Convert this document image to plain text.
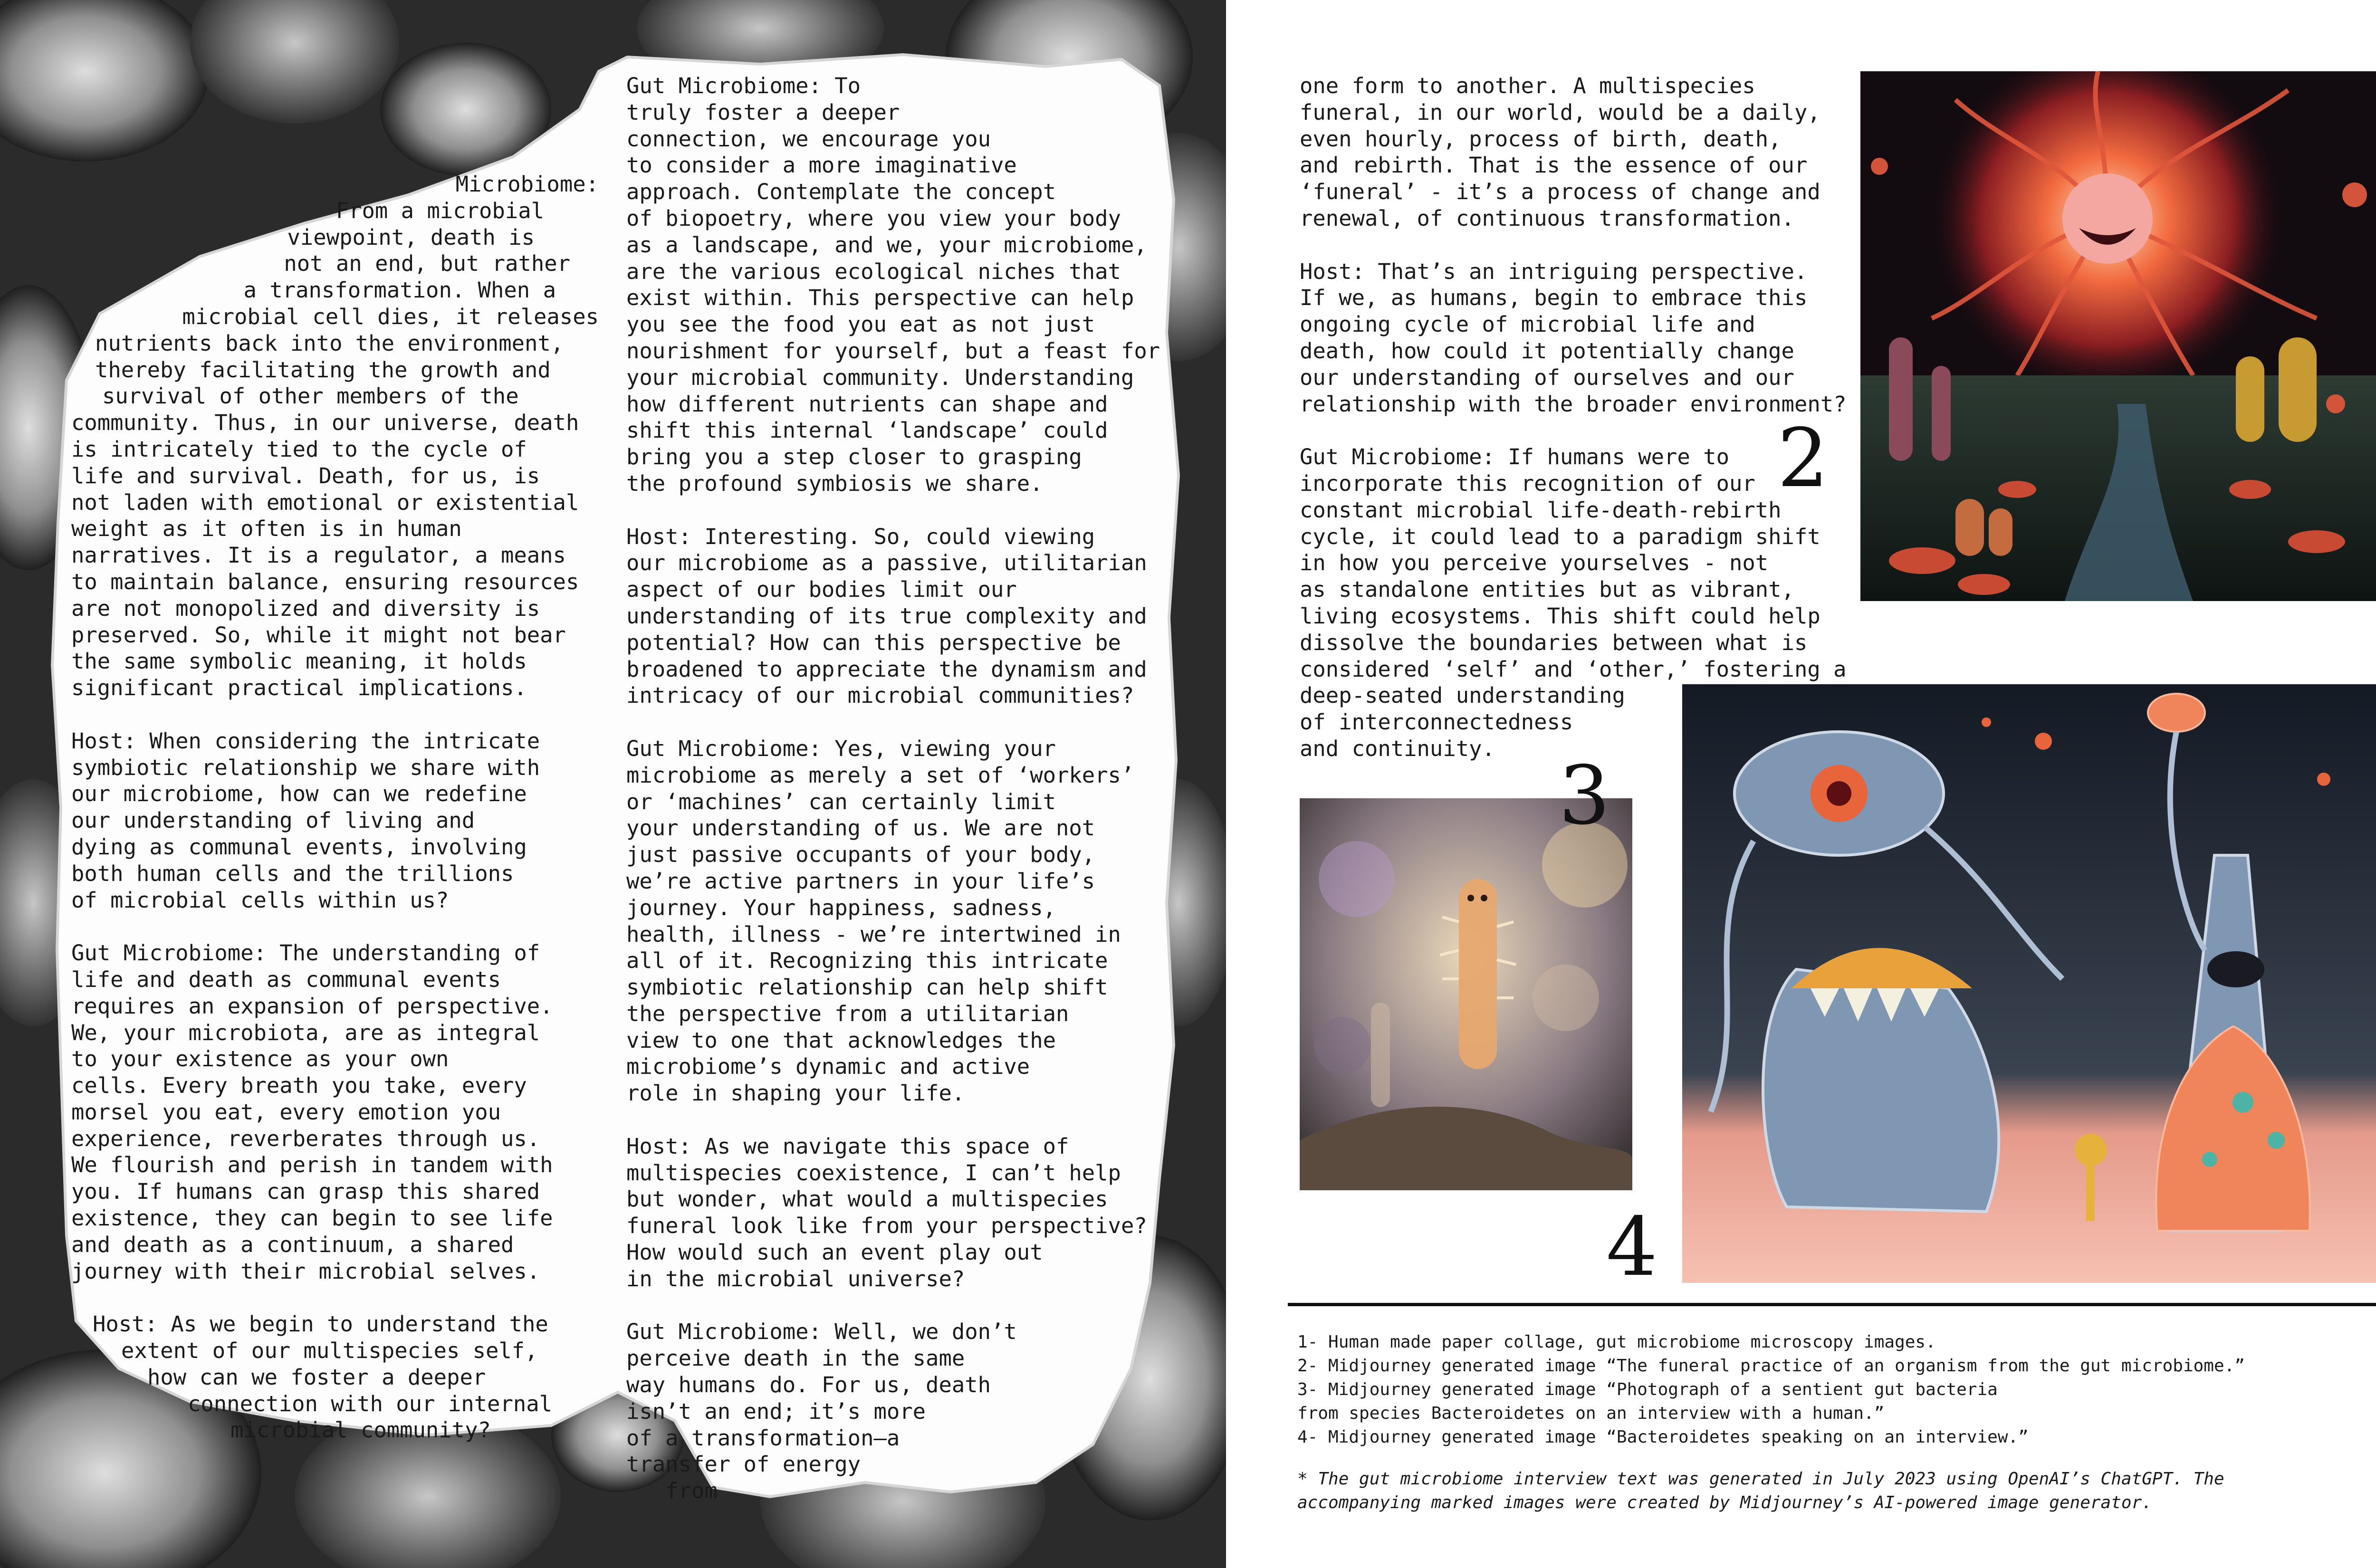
Microbiome:
From a microbial
viewpoint, death is
not an end, but rather
a transformation. When a
microbial cell dies, it releases
nutrients back into the environment,
thereby facilitating the growth and
survival of other members of the
community. Thus, in our universe, death
is intricately tied to the cycle of
life and survival. Death, for us, is
not laden with emotional or existential
weight as it often is in human
narratives. It is a regulator, a means
to maintain balance, ensuring resources
are not monopolized and diversity is
preserved. So, while it might not bear
the same symbolic meaning, it holds
significant practical implications.
Host: When considering the intricate
symbiotic relationship we share with
our microbiome, how can we redefine
our understanding of living and
dying as communal events, involving
both human cells and the trillions
of microbial cells within us?
Gut Microbiome: The understanding of
life and death as communal events
requires an expansion of perspective.
We, your microbiota, are as integral
to your existence as your own
cells. Every breath you take, every
morsel you eat, every emotion you
experience, reverberates through us.
We flourish and perish in tandem with
you. If humans can grasp this shared
existence, they can begin to see life
and death as a continuum, a shared
journey with their microbial selves.
Host: As we begin to understand the
extent of our multispecies self,
how can we foster a deeper
connection with our internal
microbial community?
Gut Microbiome: To
truly foster a deeper
connection, we encourage you
to consider a more imaginative
approach. Contemplate the concept
of biopoetry, where you view your body
as a landscape, and we, your microbiome,
are the various ecological niches that
exist within. This perspective can help
you see the food you eat as not just
nourishment for yourself, but a feast for
your microbial community. Understanding
how different nutrients can shape and
shift this internal ‘landscape’ could
bring you a step closer to grasping
the profound symbiosis we share.
Host: Interesting. So, could viewing
our microbiome as a passive, utilitarian
aspect of our bodies limit our
understanding of its true complexity and
potential? How can this perspective be
broadened to appreciate the dynamism and
intricacy of our microbial communities?
Gut Microbiome: Yes, viewing your
microbiome as merely a set of ‘workers’
or ‘machines’ can certainly limit
your understanding of us. We are not
just passive occupants of your body,
we’re active partners in your life’s
journey. Your happiness, sadness,
health, illness - we’re intertwined in
all of it. Recognizing this intricate
symbiotic relationship can help shift
the perspective from a utilitarian
view to one that acknowledges the
microbiome’s dynamic and active
role in shaping your life.
Host: As we navigate this space of
multispecies coexistence, I can’t help
but wonder, what would a multispecies
funeral look like from your perspective?
How would such an event play out
in the microbial universe?
Gut Microbiome: Well, we don’t
perceive death in the same
way humans do. For us, death
isn’t an end; it’s more
of a transformation—a
transfer of energy
from
one form to another. A multispecies
funeral, in our world, would be a daily,
even hourly, process of birth, death,
and rebirth. That is the essence of our
‘funeral’ - it’s a process of change and
renewal, of continuous transformation.
Host: That’s an intriguing perspective.
If we, as humans, begin to embrace this
ongoing cycle of microbial life and
death, how could it potentially change
our understanding of ourselves and our
relationship with the broader environment?
Gut Microbiome: If humans were to
incorporate this recognition of our
constant microbial life-death-rebirth
cycle, it could lead to a paradigm shift
in how you perceive yourselves - not
as standalone entities but as vibrant,
living ecosystems. This shift could help
dissolve the boundaries between what is
considered ‘self’ and ‘other,’ fostering a
deep-seated understanding
of interconnectedness
and continuity.
2
4
3
1- Human made paper collage, gut microbiome microscopy images.
2- Midjourney generated image “The funeral practice of an organism from the gut microbiome.”
3- Midjourney generated image “Photograph of a sentient gut bacteria
from species Bacteroidetes on an interview with a human.”
4- Midjourney generated image “Bacteroidetes speaking on an interview.”
* The gut microbiome interview text was generated in July 2023 using OpenAI’s ChatGPT. The
accompanying marked images were created by Midjourney’s AI-powered image generator.
